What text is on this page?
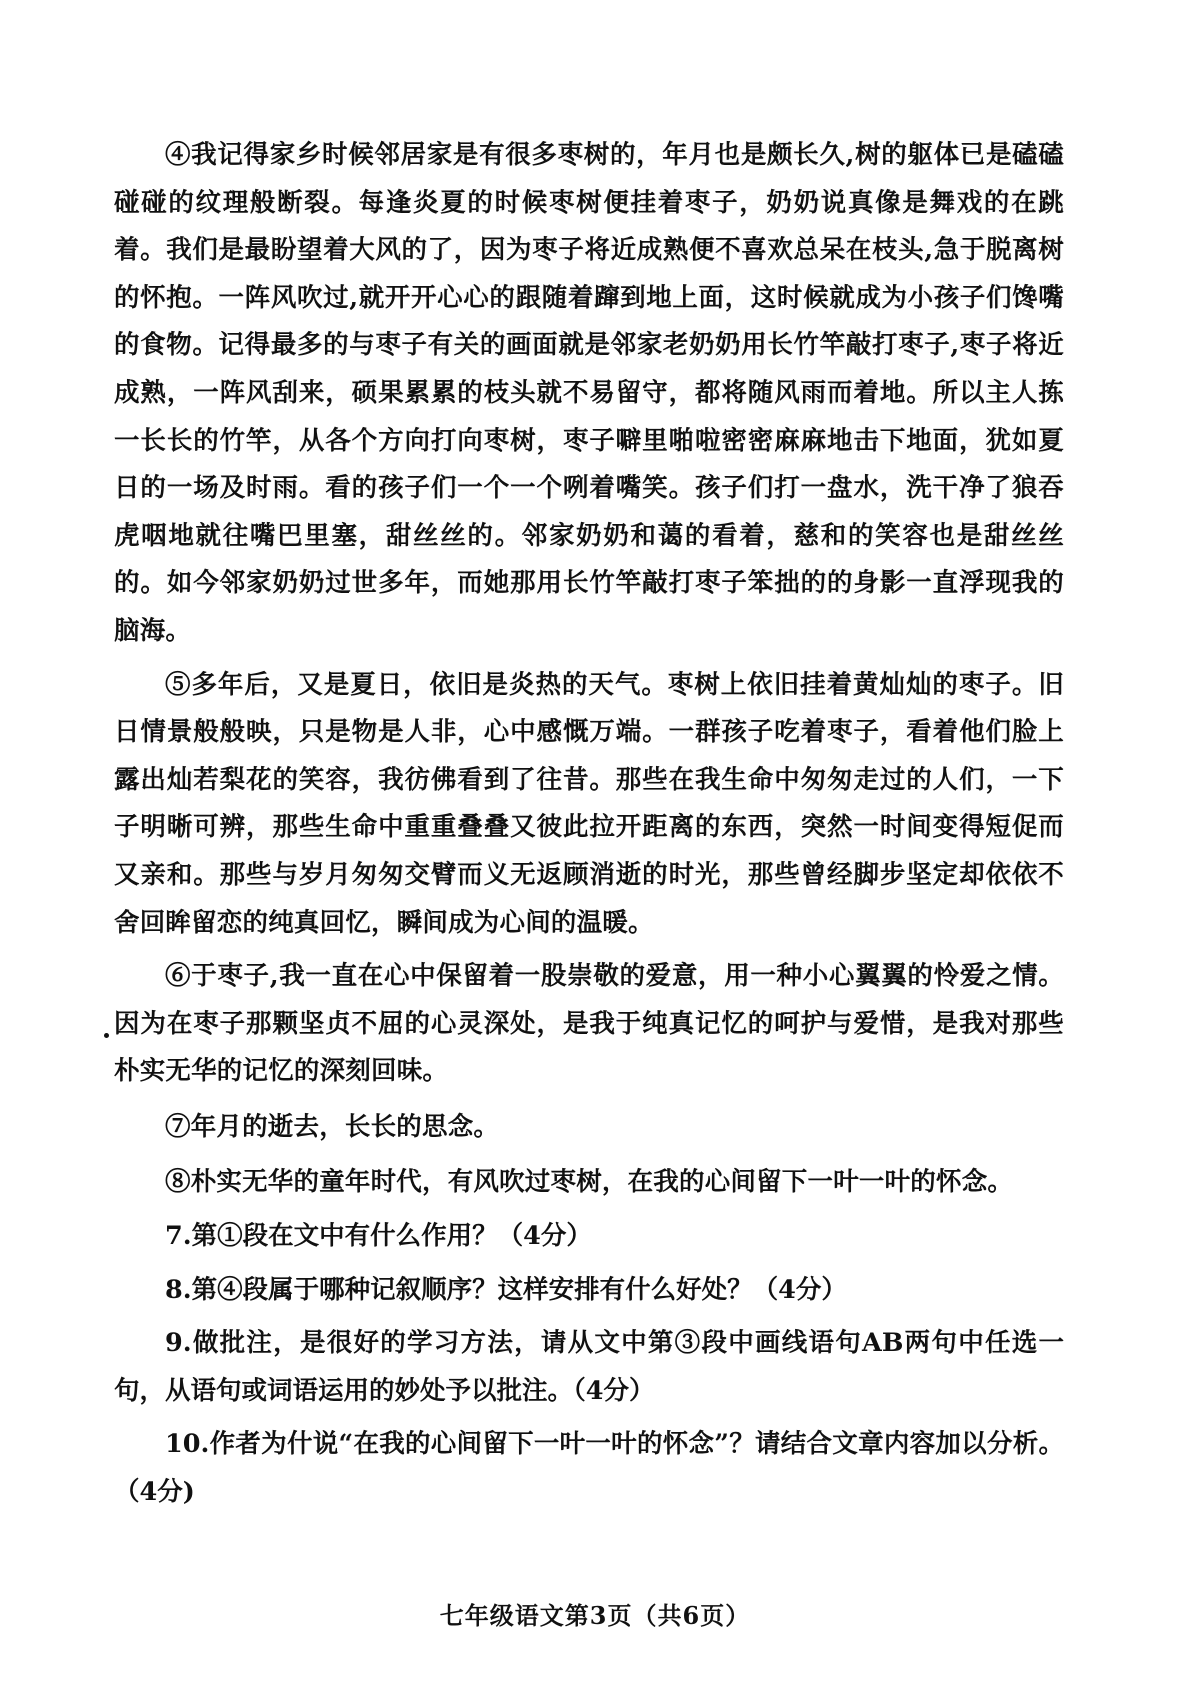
④我记得家乡时候邻居家是有很多枣树的，年月也是颇长久,树的躯体已是磕磕碰碰的纹理般断裂。每逢炎夏的时候枣树便挂着枣子，奶奶说真像是舞戏的在跳着。我们是最盼望着大风的了，因为枣子将近成熟便不喜欢总呆在枝头,急于脱离树的怀抱。一阵风吹过,就开开心心的跟随着蹿到地上面，这时候就成为小孩子们馋嘴的食物。记得最多的与枣子有关的画面就是邻家老奶奶用长竹竿敲打枣子,枣子将近成熟，一阵风刮来，硕果累累的枝头就不易留守，都将随风雨而着地。所以主人拣一长长的竹竿，从各个方向打向枣树，枣子噼里啪啦密密麻麻地击下地面，犹如夏日的一场及时雨。看的孩子们一个一个咧着嘴笑。孩子们打一盘水，洗干净了狼吞虎咽地就往嘴巴里塞，甜丝丝的。邻家奶奶和蔼的看着，慈和的笑容也是甜丝丝的。如今邻家奶奶过世多年，而她那用长竹竿敲打枣子笨拙的的身影一直浮现我的脑海。

⑤多年后，又是夏日，依旧是炎热的天气。枣树上依旧挂着黄灿灿的枣子。旧日情景般般映，只是物是人非，心中感慨万端。一群孩子吃着枣子，看着他们脸上露出灿若梨花的笑容，我彷佛看到了往昔。那些在我生命中匆匆走过的人们，一下子明晰可辨，那些生命中重重叠叠又彼此拉开距离的东西，突然一时间变得短促而又亲和。那些与岁月匆匆交臂而义无返顾消逝的时光，那些曾经脚步坚定却依依不舍回眸留恋的纯真回忆，瞬间成为心间的温暖。

⑥于枣子,我一直在心中保留着一股崇敬的爱意，用一种小心翼翼的怜爱之情。因为在枣子那颗坚贞不屈的心灵深处，是我于纯真记忆的呵护与爱惜，是我对那些朴实无华的记忆的深刻回味。

⑦年月的逝去，长长的思念。

⑧朴实无华的童年时代，有风吹过枣树，在我的心间留下一叶一叶的怀念。

7.第①段在文中有什么作用？（4分）

8.第④段属于哪种记叙顺序？这样安排有什么好处？（4分）

9.做批注，是很好的学习方法，请从文中第③段中画线语句AB两句中任选一句，从语句或词语运用的妙处予以批注。（4分）

10.作者为什说“在我的心间留下一叶一叶的怀念”？请结合文章内容加以分析。（4分)

七年级语文第3页（共6页）
